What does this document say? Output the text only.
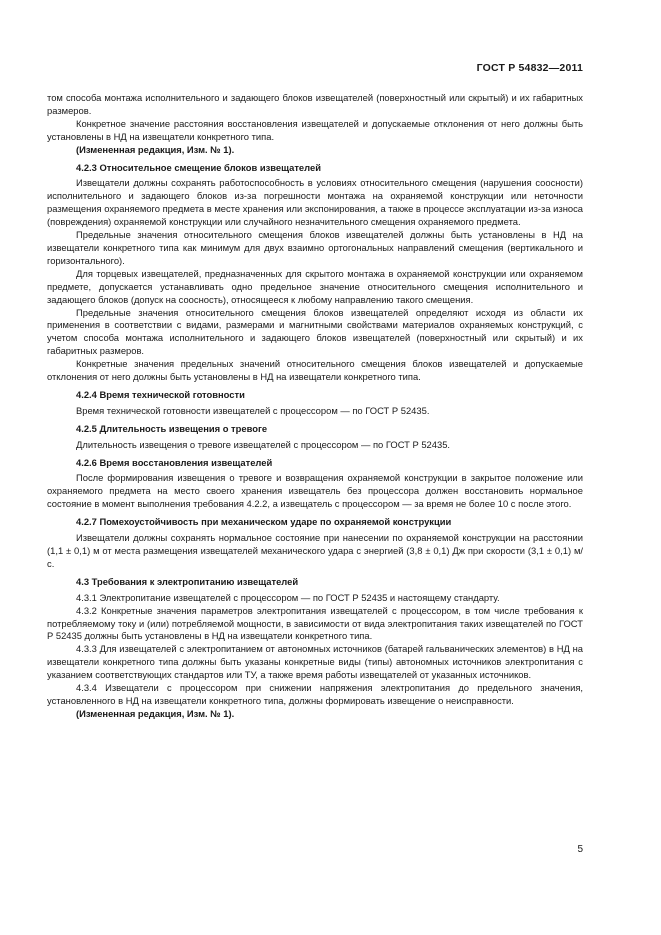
ГОСТ Р 54832—2011

том способа монтажа исполнительного и задающего блоков извещателей (поверхностный или скрытый) и их габаритных размеров.

Конкретное значение расстояния восстановления извещателей и допускаемые отклонения от него должны быть установлены в НД на извещатели конкретного типа.

(Измененная редакция, Изм. № 1).

4.2.3 Относительное смещение блоков извещателей

Извещатели должны сохранять работоспособность в условиях относительного смещения (нарушения соосности) исполнительного и задающего блоков из-за погрешности монтажа на охраняемой конструкции или неточности размещения охраняемого предмета в месте хранения или экспонирования, а также в процессе эксплуатации из-за износа (повреждения) охраняемой конструкции или случайного незначительного смещения охраняемого предмета.

Предельные значения относительного смещения блоков извещателей должны быть установлены в НД на извещатели конкретного типа как минимум для двух взаимно ортогональных направлений смещения (вертикального и горизонтального).

Для торцевых извещателей, предназначенных для скрытого монтажа в охраняемой конструкции или охраняемом предмете, допускается устанавливать одно предельное значение относительного смещения исполнительного и задающего блоков (допуск на соосность), относящееся к любому направлению такого смещения.

Предельные значения относительного смещения блоков извещателей определяют исходя из области их применения в соответствии с видами, размерами и магнитными свойствами материалов охраняемых конструкций, с учетом способа монтажа исполнительного и задающего блоков извещателей (поверхностный или скрытый) и их габаритных размеров.

Конкретные значения предельных значений относительного смещения блоков извещателей и допускаемые отклонения от него должны быть установлены в НД на извещатели конкретного типа.

4.2.4 Время технической готовности

Время технической готовности извещателей с процессором — по ГОСТ Р 52435.

4.2.5 Длительность извещения о тревоге

Длительность извещения о тревоге извещателей с процессором — по ГОСТ Р 52435.

4.2.6 Время восстановления извещателей

После формирования извещения о тревоге и возвращения охраняемой конструкции в закрытое положение или охраняемого предмета на место своего хранения извещатель без процессора должен восстановить нормальное состояние в момент выполнения требования 4.2.2, а извещатель с процессором — за время не более 10 с после этого.

4.2.7 Помехоустойчивость при механическом ударе по охраняемой конструкции

Извещатели должны сохранять нормальное состояние при нанесении по охраняемой конструкции на расстоянии (1,1 ± 0,1) м от места размещения извещателей механического удара с энергией (3,8 ± 0,1) Дж при скорости (3,1 ± 0,1) м/с.

4.3 Требования к электропитанию извещателей

4.3.1 Электропитание извещателей с процессором — по ГОСТ Р 52435 и настоящему стандарту.

4.3.2 Конкретные значения параметров электропитания извещателей с процессором, в том числе требования к потребляемому току и (или) потребляемой мощности, в зависимости от вида электропитания таких извещателей по ГОСТ Р 52435 должны быть установлены в НД на извещатели конкретного типа.

4.3.3 Для извещателей с электропитанием от автономных источников (батарей гальванических элементов) в НД на извещатели конкретного типа должны быть указаны конкретные виды (типы) автономных источников электропитания с указанием соответствующих стандартов или ТУ, а также время работы извещателей от указанных источников.

4.3.4 Извещатели с процессором при снижении напряжения электропитания до предельного значения, установленного в НД на извещатели конкретного типа, должны формировать извещение о неисправности.

(Измененная редакция, Изм. № 1).

5
